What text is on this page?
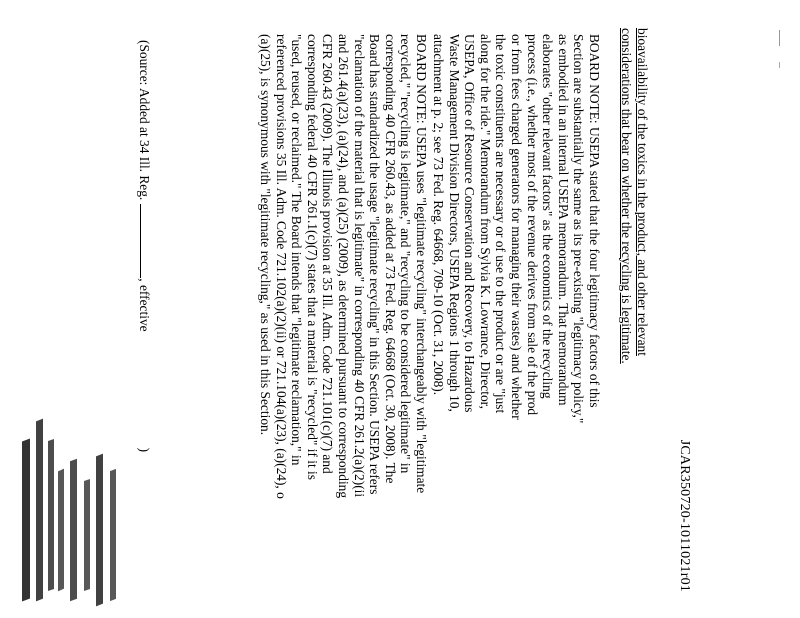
JCAR350720-1011021r01
bioavailability of the toxics in the product, and other relevant
considerations that bear on whether the recycling is legitimate.
BOARD NOTE: USEPA stated that the four legitimacy factors of this
Section are substantially the same as its pre-existing "legitimacy policy,"
as embodied in an internal USEPA memorandum. That memorandum
elaborates "other relevant factors" as the economics of the recycling
process (i.e., whether most of the revenue derives from sale of the prod
or from fees charged generators for managing their wastes) and whether
the toxic constituents are necessary or of use to the product or are "just
along for the ride." Memorandum from Sylvia K. Lowrance, Director,
USEPA, Office of Resource Conservation and Recovery, to Hazardous
Waste Management Division Directors, USEPA Regions 1 through 10,
attachment at p. 2; see 73 Fed. Reg. 64668, 709-10 (Oct. 31, 2008).
BOARD NOTE: USEPA uses "legitimate recycling" interchangeably with "legitimate
recycled," "recycling is legitimate," and "recycling to be considered legitimate" in
corresponding 40 CFR 260.43, as added at 73 Fed. Reg. 64668 (Oct. 30, 2008). The
Board has standardized the usage "legitimate recycling" in this Section. USEPA refers
"reclamation of the material that is legitimate" in corresponding 40 CFR 261.2(a)(2)(ii
and 261.4(a)(23), (a)(24), and (a)(25) (2009), as determined pursuant to corresponding
CFR 260.43 (2009). The Illinois provision at 35 Ill. Adm. Code 721.101(c)(7) and
corresponding federal 40 CFR 261.1(c)(7) states that a material is "recycled" if it is
"used, reused, or reclaimed." The Board intends that "legitimate reclamation," in
referenced provisions 35 Ill. Adm. Code 721.102(a)(2)(ii) or 721.104(a)(23), (a)(24), o
(a)(25), is synonymous with "legitimate recycling," as used in this Section.
(Source: Added at 34 Ill. Reg., effective)
